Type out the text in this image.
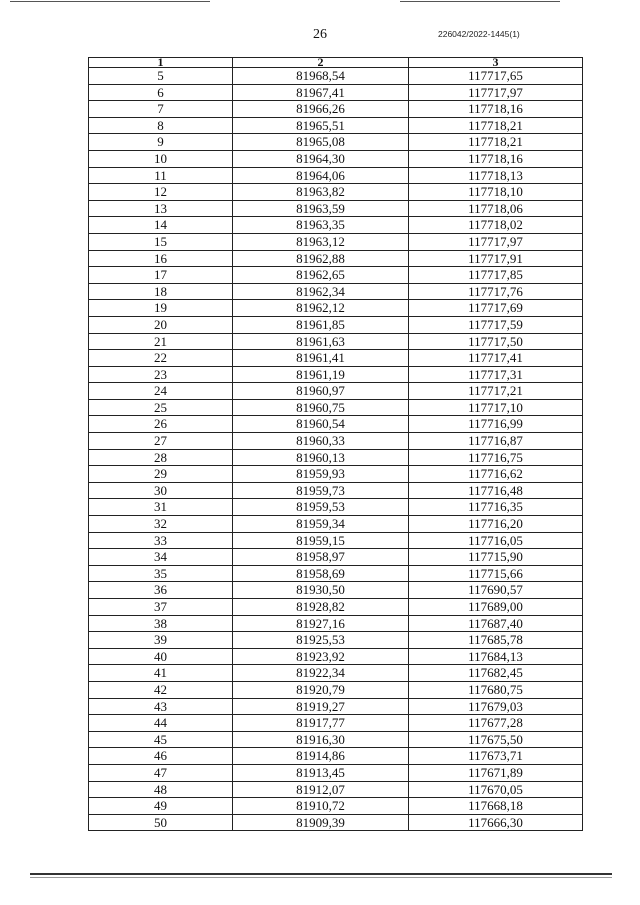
26	226042/2022-1445(1)
1	2	3
5	81968,54	117717,65
6	81967,41	117717,97
7	81966,26	117718,16
8	81965,51	117718,21
9	81965,08	117718,21
10	81964,30	117718,16
11	81964,06	117718,13
12	81963,82	117718,10
13	81963,59	117718,06
14	81963,35	117718,02
15	81963,12	117717,97
16	81962,88	117717,91
17	81962,65	117717,85
18	81962,34	117717,76
19	81962,12	117717,69
20	81961,85	117717,59
21	81961,63	117717,50
22	81961,41	117717,41
23	81961,19	117717,31
24	81960,97	117717,21
25	81960,75	117717,10
26	81960,54	117716,99
27	81960,33	117716,87
28	81960,13	117716,75
29	81959,93	117716,62
30	81959,73	117716,48
31	81959,53	117716,35
32	81959,34	117716,20
33	81959,15	117716,05
34	81958,97	117715,90
35	81958,69	117715,66
36	81930,50	117690,57
37	81928,82	117689,00
38	81927,16	117687,40
39	81925,53	117685,78
40	81923,92	117684,13
41	81922,34	117682,45
42	81920,79	117680,75
43	81919,27	117679,03
44	81917,77	117677,28
45	81916,30	117675,50
46	81914,86	117673,71
47	81913,45	117671,89
48	81912,07	117670,05
49	81910,72	117668,18
50	81909,39	117666,30
